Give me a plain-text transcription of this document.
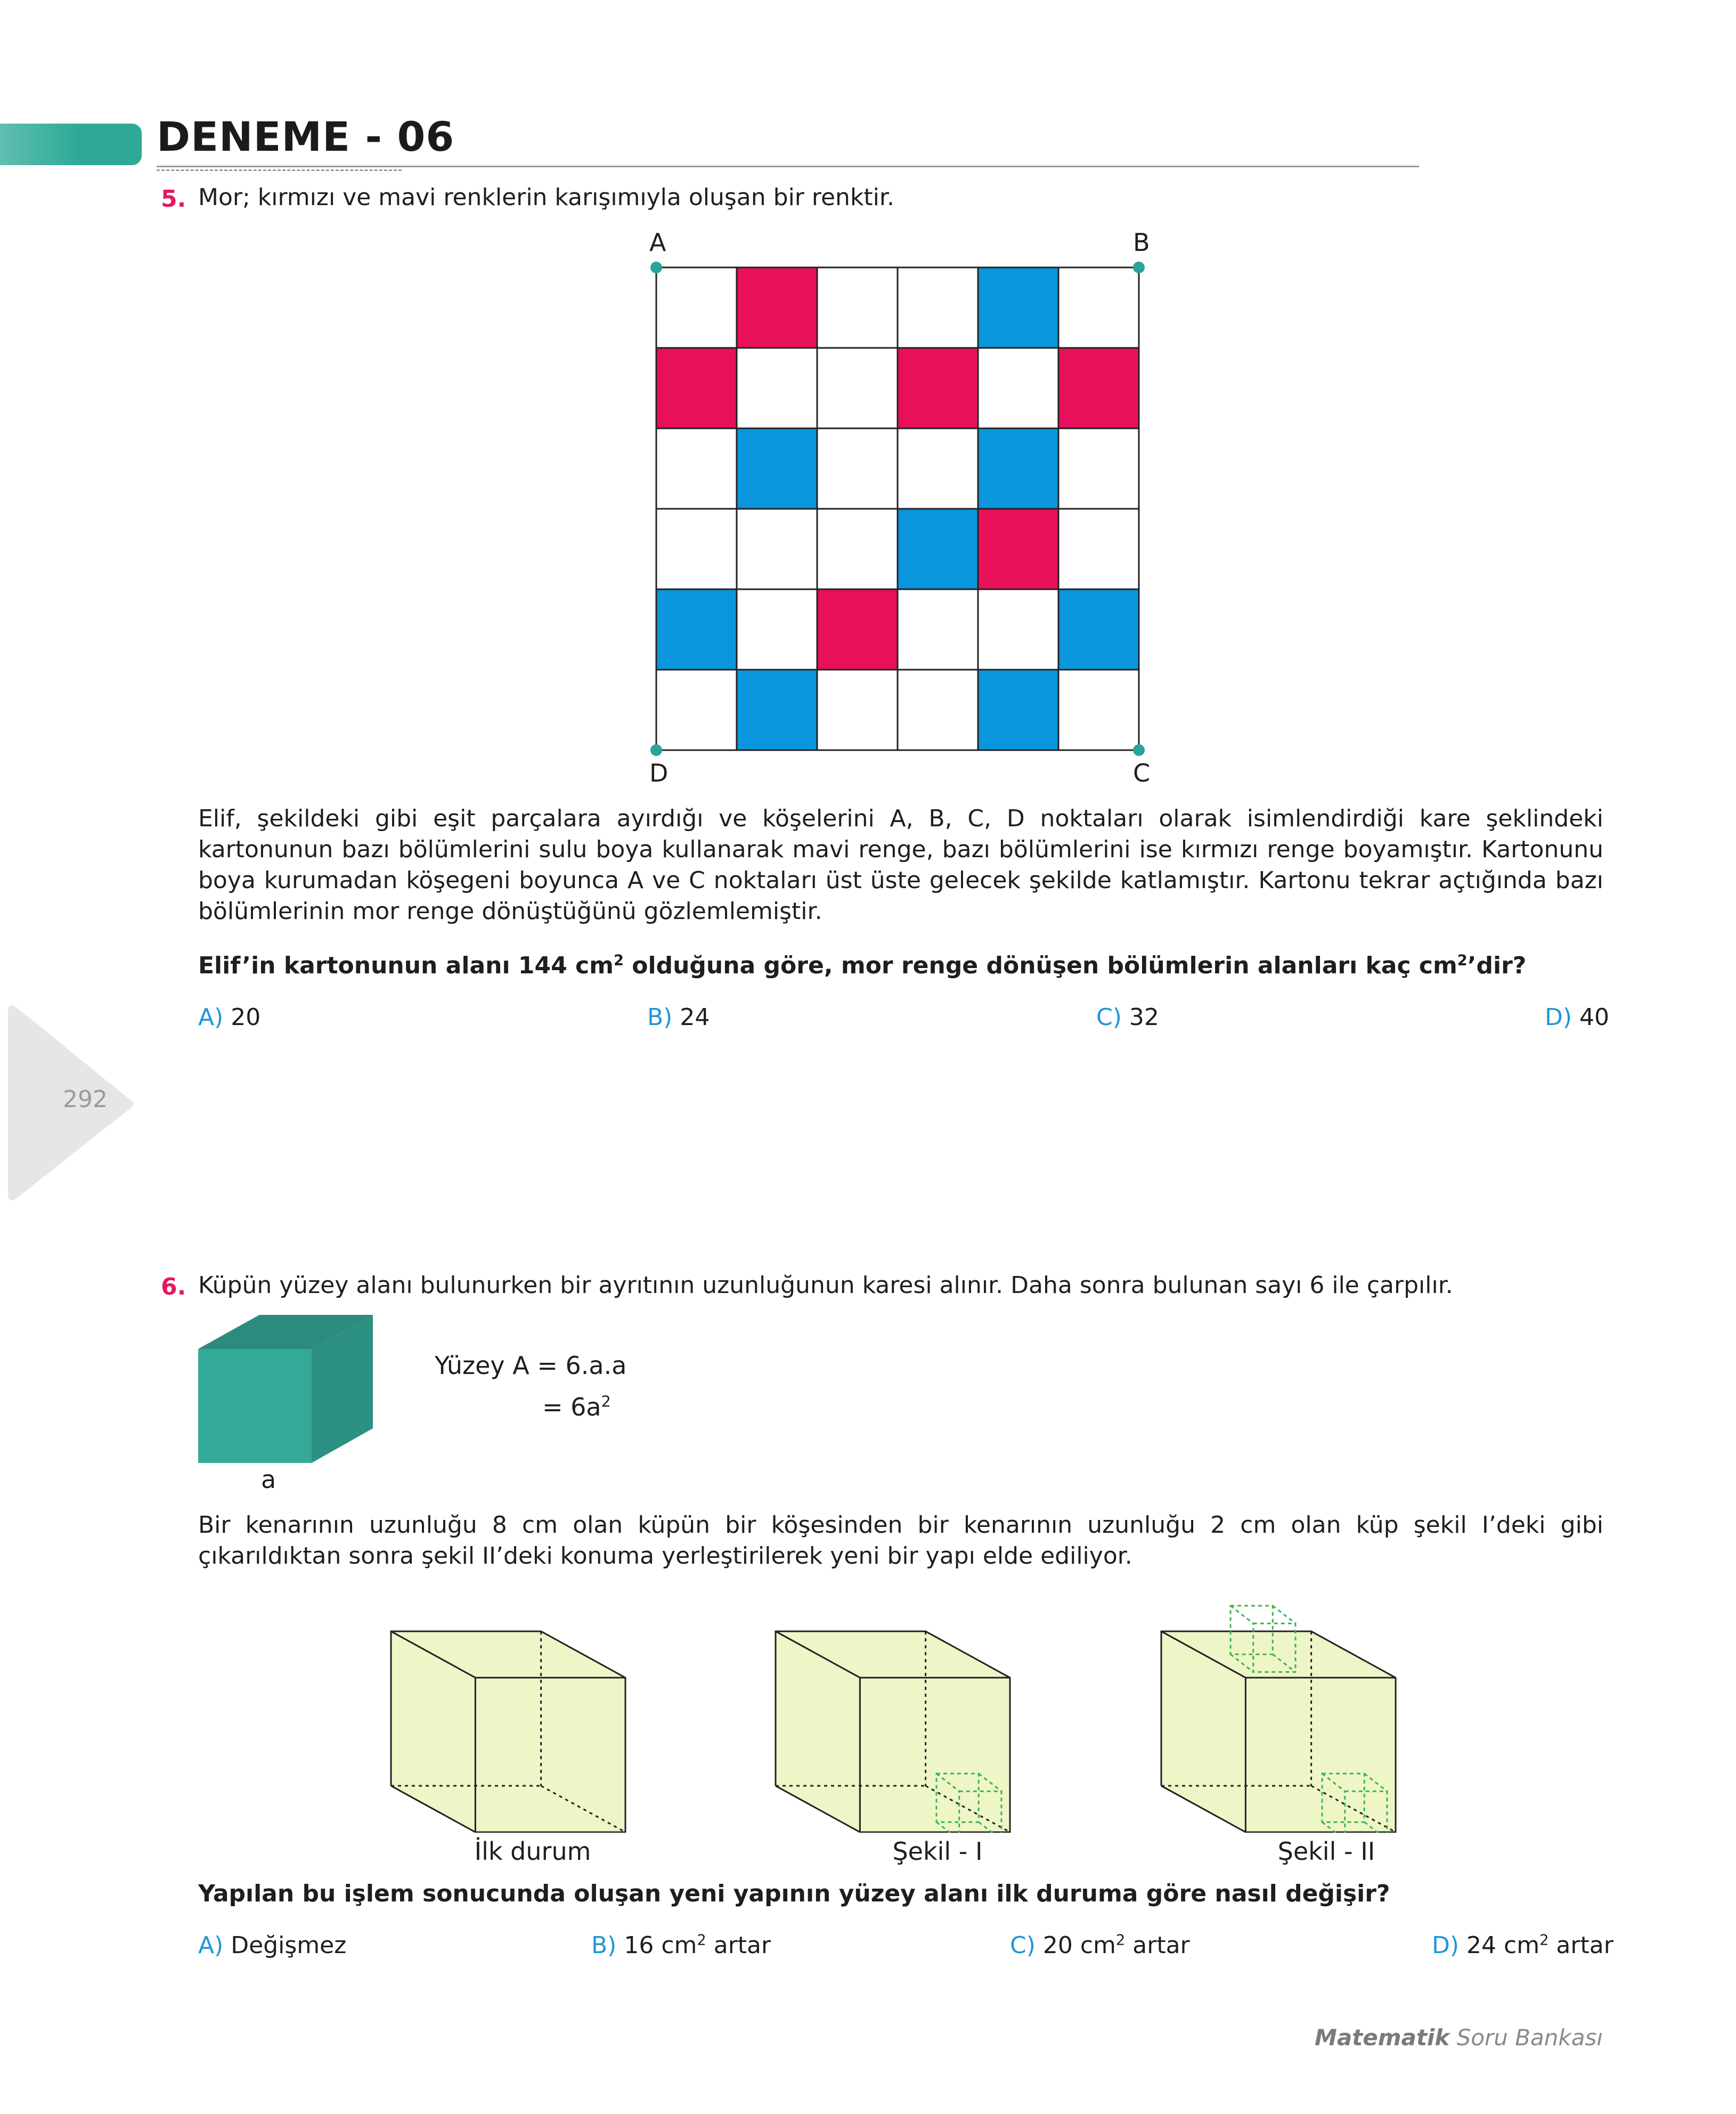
DENEME - 06
292
5. Mor; kırmızı ve mavi renklerin karışımıyla oluşan bir renktir.
A	B
D	C
Elif, şekildeki gibi eşit parçalara ayırdığı ve köşelerini A, B, C, D noktaları olarak isimlendirdiği kare şeklindeki kartonunun bazı bölümlerini sulu boya kullanarak mavi renge, bazı bölümlerini ise kırmızı renge boyamıştır. Kartonunu boya kurumadan köşegeni boyunca A ve C noktaları üst üste gelecek şekilde katlamıştır. Kartonu tekrar açtığında bazı bölümlerinin mor renge dönüştüğünü gözlemlemiştir.
Elif’in kartonunun alanı 144 $cm^2$ olduğuna göre, mor renge dönüşen bölümlerin alanları kaç $cm^2’dir$?
A) 20	B) 24	C) 32	D) 40
6. Küpün yüzey alanı bulunurken bir ayrıtının uzunluğunun karesi alınır. Daha sonra bulunan sayı 6 ile çarpılır.
a
Yüzey A = 6.a.a
= $6a^2$
Bir kenarının uzunluğu 8 cm olan küpün bir köşesinden bir kenarının uzunluğu 2 cm olan küp şekil I’deki gibi çıkarıldıktan sonra şekil II’deki konuma yerleştirilerek yeni bir yapı elde ediliyor.
İlk durum	Şekil - I	Şekil - II
Yapılan bu işlem sonucunda oluşan yeni yapının yüzey alanı ilk duruma göre nasıl değişir?
A) Değişmez	B) 16 $cm^2$ artar	C) 20 $cm^2$ artar	D) 24 $cm^2$ artar
Matematik Soru Bankası
